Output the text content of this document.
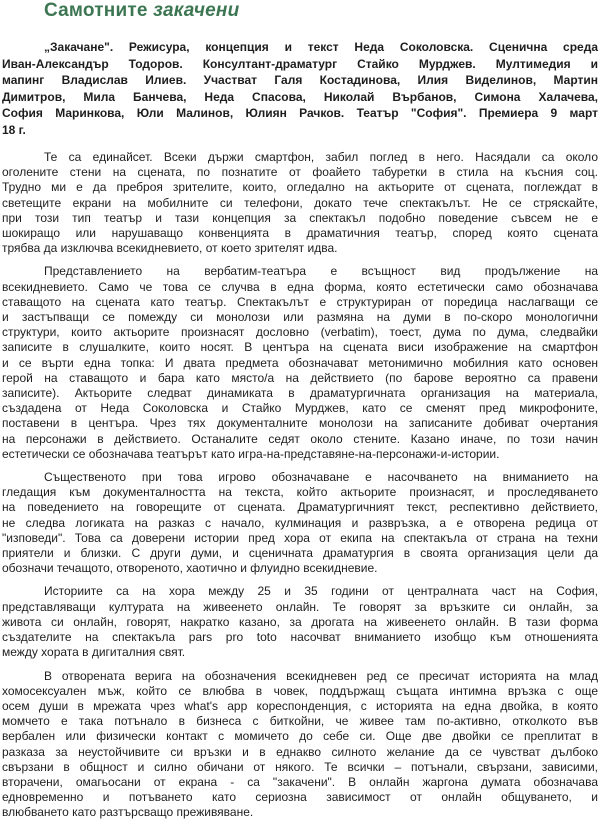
Самотните закачени
„Закачане". Режисура, концепция и текст Неда Соколовска. Сценична среда
Иван-Александър Тодоров. Консултант-драматург Стайко Мурджев. Мултимедия и
мапинг Владислав Илиев. Участват Галя Костадинова, Илия Виделинов, Мартин
Димитров, Мила Банчева, Неда Спасова, Николай Върбанов, Симона Халачева,
София Маринкова, Юли Малинов, Юлиян Рачков. Театър "София". Премиера 9 март
18 г.
Те са единайсет. Всеки държи смартфон, забил поглед в него. Насядали са около
оголените стени на сцената, по познатите от фоайето табуретки в стила на късния соц.
Трудно ми е да преброя зрителите, които, огледално на актьорите от сцената, поглеждат в
светещите екрани на мобилните си телефони, докато тече спектакълът. Не се стряскайте,
при този тип театър и тази концепция за спектакъл подобно поведение съвсем не е
шокиращо или нарушаващо конвенцията в драматичния театър, според която сцената
трябва да изключва всекидневието, от което зрителят идва.
Представлението на вербатим-театъра е всъщност вид продължение на
всекидневието. Само че това се случва в една форма, която естетически само обозначава
ставащото на сцената като театър. Спектакълът е структуриран от поредица наслагващи се
и застъпващи се помежду си монолози или размяна на думи в по-скоро монологични
структури, които актьорите произнасят дословно (verbatim), тоест, дума по дума, следвайки
записите в слушалките, които носят. В центъра на сцената виси изображение на смартфон
и се върти една топка: И двата предмета обозначават метонимично мобилния като основен
герой на ставащото и бара като място/а на действието (по барове вероятно са правени
записите). Актьорите следват динамиката в драматургичната организация на материала,
създадена от Неда Соколовска и Стайко Мурджев, като се сменят пред микрофоните,
поставени в центъра. Чрез тях документалните монолози на записаните добиват очертания
на персонажи в действието. Останалите седят около стените. Казано иначе, по този начин
естетически се обозначава театърът като игра-на-представяне-на-персонажи-и-истории.
Същественото при това игрово обозначаване е насочването на вниманието на
гледащия към документалността на текста, който актьорите произнасят, и проследяването
на поведението на говорещите от сцената. Драматургичният текст, респективно действието,
не следва логиката на разказ с начало, кулминация и развръзка, а е отворена редица от
"изповеди". Това са доверени истории пред хора от екипа на спектакъла от страна на техни
приятели и близки. С други думи, и сценичната драматургия в своята организация цели да
обозначи течащото, отвореното, хаотично и флуидно всекидневие.
Историите са на хора между 25 и 35 години от централната част на София,
представляващи културата на живеенето онлайн. Те говорят за връзките си онлайн, за
живота си онлайн, говорят, накратко казано, за дрогата на живеенето онлайн. В тази форма
създателите на спектакъла pars pro toto насочват вниманието изобщо към отношенията
между хората в дигиталния свят.
В отворената верига на обозначения всекидневен ред се пресичат историята на млад
хомосексуален мъж, който се влюбва в човек, поддържащ същата интимна връзка с още
осем души в мрежата чрез what's app кореспонденция, с историята на една двойка, в която
момчето е така потънало в бизнеса с биткойни, че живее там по-активно, отколкото във
вербален или физически контакт с момичето до себе си. Още две двойки се преплитат в
разказа за неустойчивите си връзки и в еднакво силното желание да се чувстват дълбоко
свързани в общност и силно обичани от някого. Те всички – потънали, свързани, зависими,
вторачени, омагьосани от екрана - са "закачени". В онлайн жаргона думата обозначава
едновременно и потъването като сериозна зависимост от онлайн общуването, и
влюбването като разтърсващо преживяване.
